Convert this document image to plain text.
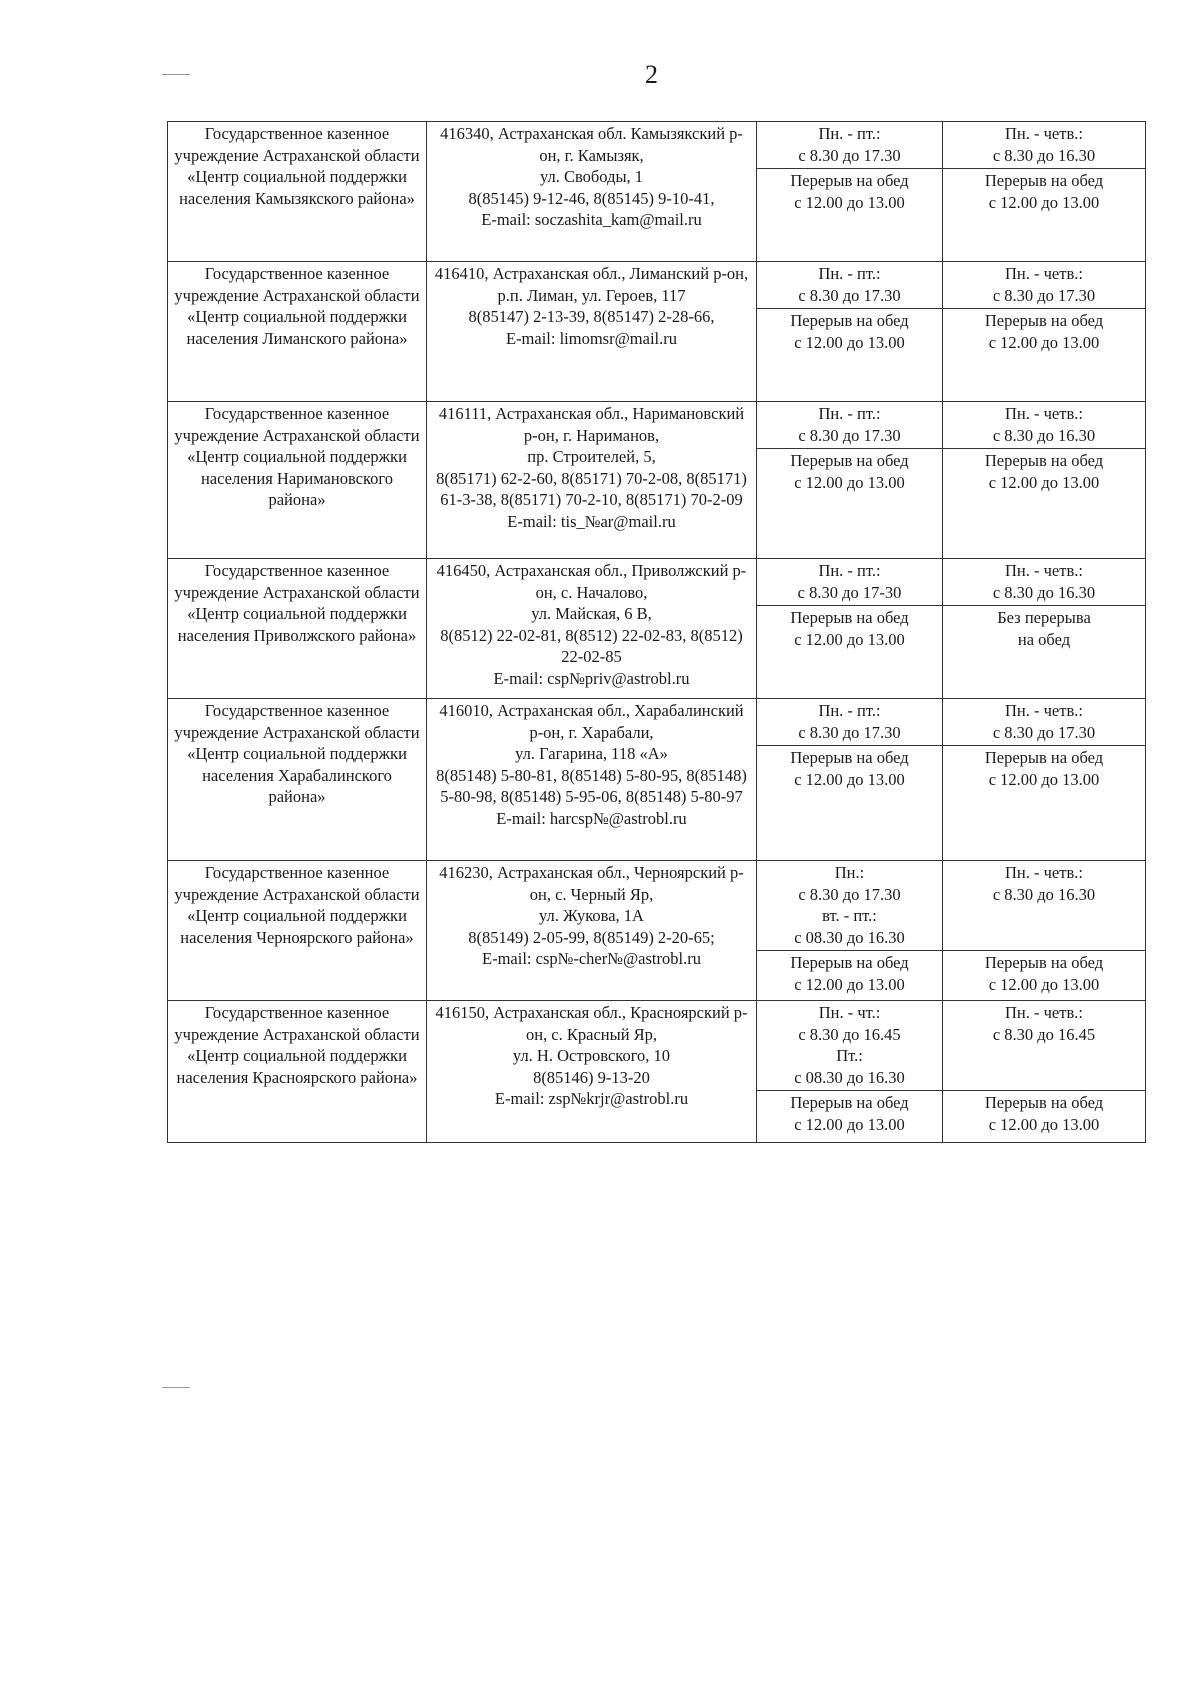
2
Государственное казенное учреждение Астраханской области «Центр социальной поддержки населения Камызякского района»	416340, Астраханская обл. Камызякский р-он, г. Камызяк,
ул. Свободы, 1
8(85145) 9-12-46, 8(85145) 9-10-41,
E-mail: soczashita_kam@mail.ru	Пн. - пт.:
с 8.30 до 17.30	Пн. - четв.:
с 8.30 до 16.30

		Перерыв на обед
с 12.00 до 13.00	Перерыв на обед
с 12.00 до 13.00

Государственное казенное учреждение Астраханской области «Центр социальной поддержки населения Лиманского района»	416410, Астраханская обл., Лиманский р-он, р.п. Лиман, ул. Героев, 117
8(85147) 2-13-39, 8(85147) 2-28-66,
E-mail: limomsr@mail.ru	Пн. - пт.:
с 8.30 до 17.30	Пн. - четв.:
с 8.30 до 17.30

		Перерыв на обед
с 12.00 до 13.00	Перерыв на обед
с 12.00 до 13.00

Государственное казенное учреждение Астраханской области «Центр социальной поддержки населения Наримановского района»	416111, Астраханская обл., Наримановский р-он, г. Нариманов,
пр. Строителей, 5,
8(85171) 62-2-60, 8(85171) 70-2-08, 8(85171) 61-3-38, 8(85171) 70-2-10, 8(85171) 70-2-09
E-mail: tis_№ar@mail.ru	Пн. - пт.:
с 8.30 до 17.30	Пн. - четв.:
с 8.30 до 16.30

		Перерыв на обед
с 12.00 до 13.00	Перерыв на обед
с 12.00 до 13.00

Государственное казенное учреждение Астраханской области «Центр социальной поддержки населения Приволжского района»	416450, Астраханская обл., Приволжский р-он, с. Началово,
ул. Майская, 6 В,
8(8512) 22-02-81, 8(8512) 22-02-83, 8(8512) 22-02-85
E-mail: csp№priv@astrobl.ru	Пн. - пт.:
с 8.30 до 17-30	Пн. - четв.:
с 8.30 до 16.30

		Перерыв на обед
с 12.00 до 13.00	Без перерыва
на обед

Государственное казенное учреждение Астраханской области «Центр социальной поддержки населения Харабалинского района»	416010, Астраханская обл., Харабалинский р-он, г. Харабали,
ул. Гагарина, 118 «А»
8(85148) 5-80-81, 8(85148) 5-80-95, 8(85148) 5-80-98, 8(85148) 5-95-06, 8(85148) 5-80-97
E-mail: harcsp№@astrobl.ru	Пн. - пт.:
с 8.30 до 17.30	Пн. - четв.:
с 8.30 до 17.30

		Перерыв на обед
с 12.00 до 13.00	Перерыв на обед
с 12.00 до 13.00

Государственное казенное учреждение Астраханской области «Центр социальной поддержки населения Черноярского района»	416230, Астраханская обл., Черноярский р-он, с. Черный Яр,
ул. Жукова, 1А
8(85149) 2-05-99, 8(85149) 2-20-65;
E-mail: csp№-cher№@astrobl.ru	Пн.:
с 8.30 до 17.30
вт. - пт.:
с 08.30 до 16.30	Пн. - четв.:
с 8.30 до 16.30

		Перерыв на обед
с 12.00 до 13.00	Перерыв на обед
с 12.00 до 13.00

Государственное казенное учреждение Астраханской области «Центр социальной поддержки населения Красноярского района»	416150, Астраханская обл., Красноярский р-он, с. Красный Яр,
ул. Н. Островского, 10
8(85146) 9-13-20
E-mail: zsp№krjr@astrobl.ru	Пн. - чт.:
с 8.30 до 16.45
Пт.:
с 08.30 до 16.30	Пн. - четв.:
с 8.30 до 16.45

		Перерыв на обед
с 12.00 до 13.00	Перерыв на обед
с 12.00 до 13.00
